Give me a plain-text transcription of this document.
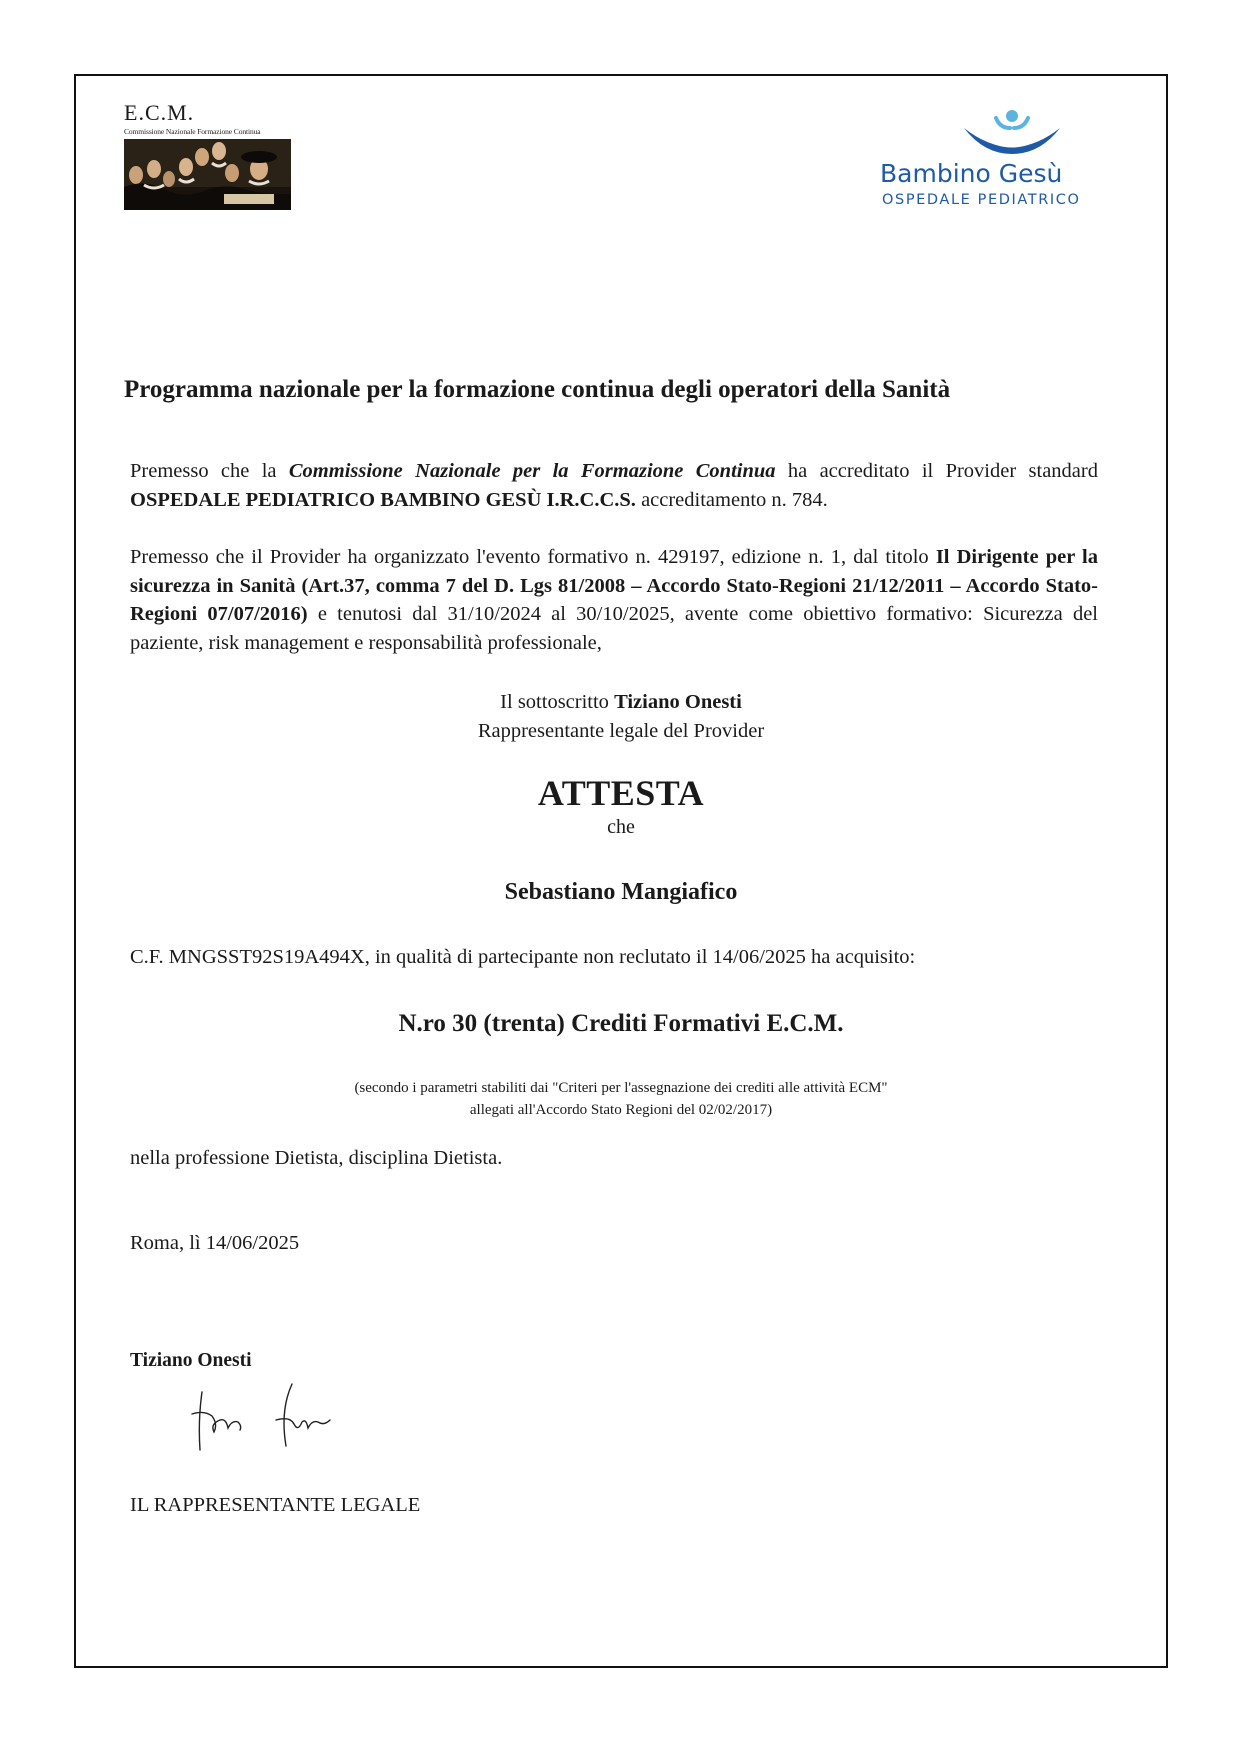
E.C.M.
Commissione Nazionale Formazione Continua
Bambino Gesù
OSPEDALE PEDIATRICO
Programma nazionale per la formazione continua degli operatori della Sanità
Premesso che la Commissione Nazionale per la Formazione Continua ha accreditato il Provider standard OSPEDALE PEDIATRICO BAMBINO GESÙ I.R.C.C.S. accreditamento n. 784.
Premesso che il Provider ha organizzato l'evento formativo n. 429197, edizione n. 1, dal titolo Il Dirigente per la sicurezza in Sanità (Art.37, comma 7 del D. Lgs 81/2008 – Accordo Stato-Regioni 21/12/2011 – Accordo Stato-Regioni 07/07/2016) e tenutosi dal 31/10/2024 al 30/10/2025, avente come obiettivo formativo: Sicurezza del paziente, risk management e responsabilità professionale,
Il sottoscritto Tiziano Onesti
Rappresentante legale del Provider
ATTESTA
che
Sebastiano Mangiafico
C.F. MNGSST92S19A494X, in qualità di partecipante non reclutato il 14/06/2025 ha acquisito:
N.ro 30 (trenta) Crediti Formativi E.C.M.
(secondo i parametri stabiliti dai "Criteri per l'assegnazione dei crediti alle attività ECM"
allegati all'Accordo Stato Regioni del 02/02/2017)
nella professione Dietista, disciplina Dietista.
Roma, lì 14/06/2025
Tiziano Onesti
IL RAPPRESENTANTE LEGALE
